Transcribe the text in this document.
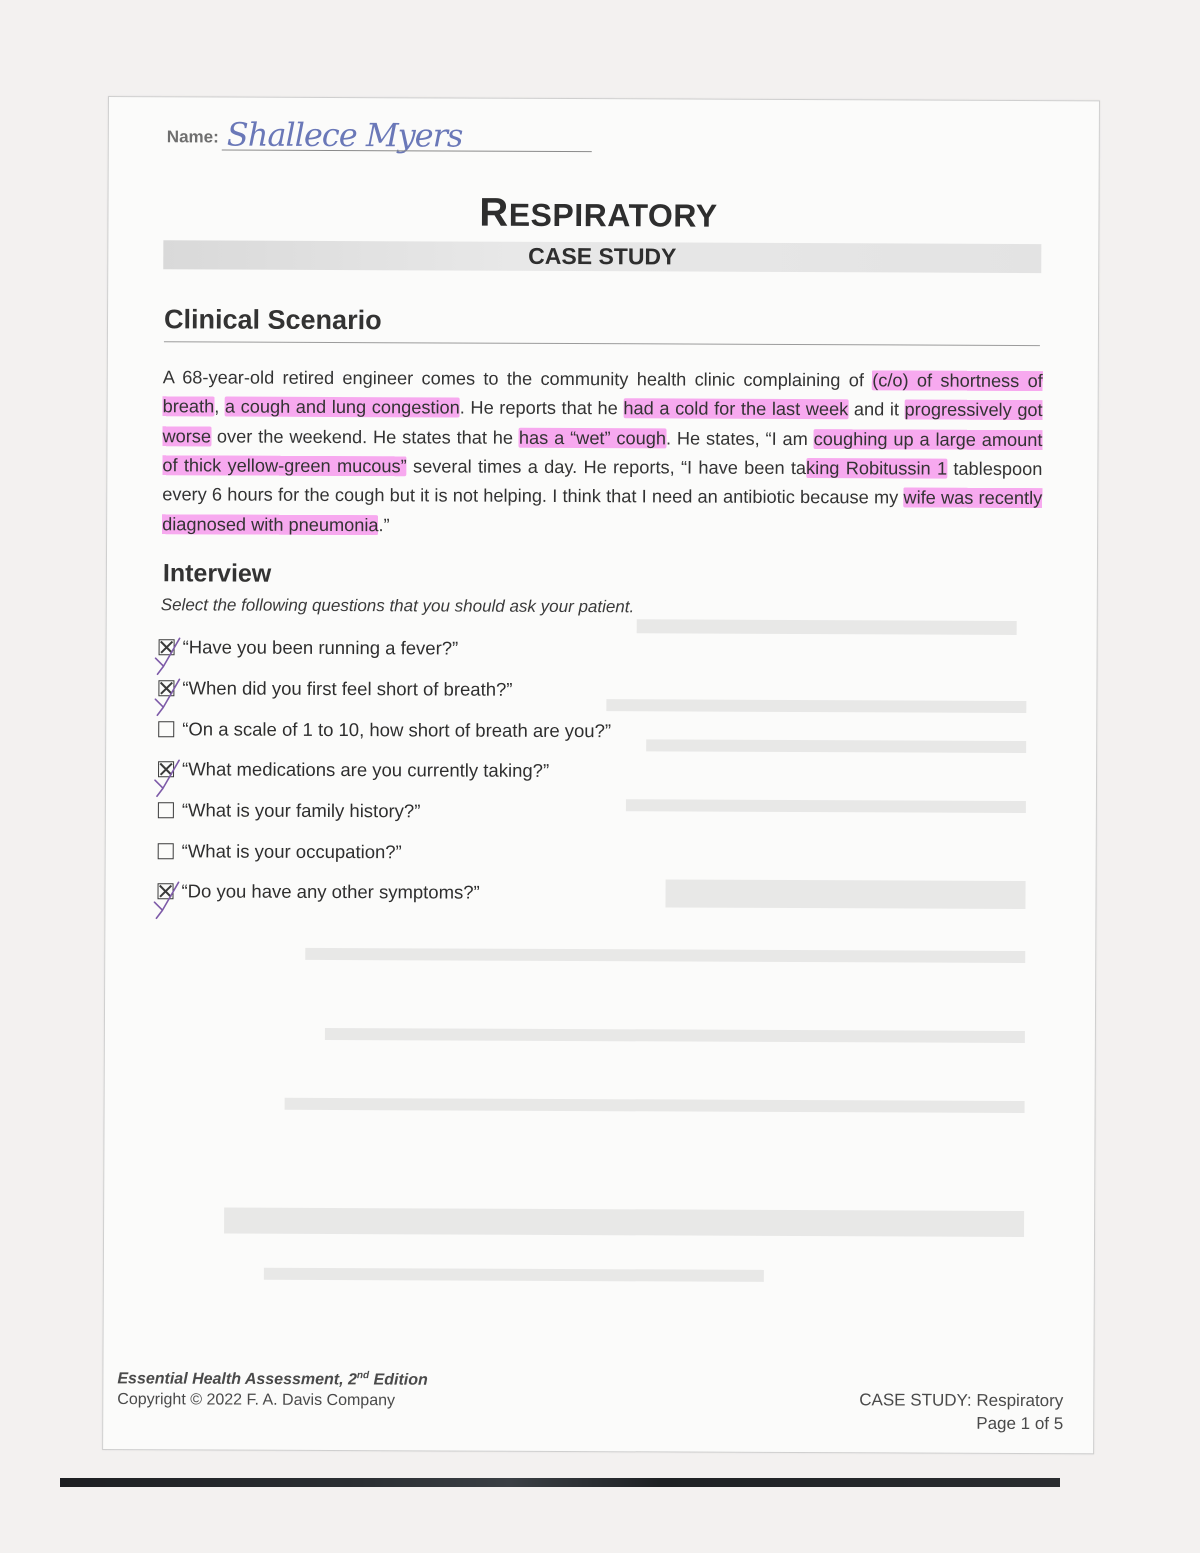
Name: Shallece Myers
RESPIRATORY
CASE STUDY
Clinical Scenario

A 68-year-old retired engineer comes to the community health clinic complaining of (c/o) of shortness of breath, a cough and lung congestion. He reports that he had a cold for the last week and it progressively got worse over the weekend. He states that he has a “wet” cough. He states, “I am coughing up a large amount of thick yellow-green mucous” several times a day. He reports, “I have been taking Robitussin 1 tablespoon every 6 hours for the cough but it is not helping. I think that I need an antibiotic because my wife was recently diagnosed with pneumonia.”

Interview
Select the following questions that you should ask your patient.
“Have you been running a fever?”
“When did you first feel short of breath?”
“On a scale of 1 to 10, how short of breath are you?”
“What medications are you currently taking?”
“What is your family history?”
“What is your occupation?”
“Do you have any other symptoms?”
Essential Health Assessment, 2nd Edition
Copyright © 2022 F. A. Davis Company	CASE STUDY: Respiratory
Page 1 of 5
